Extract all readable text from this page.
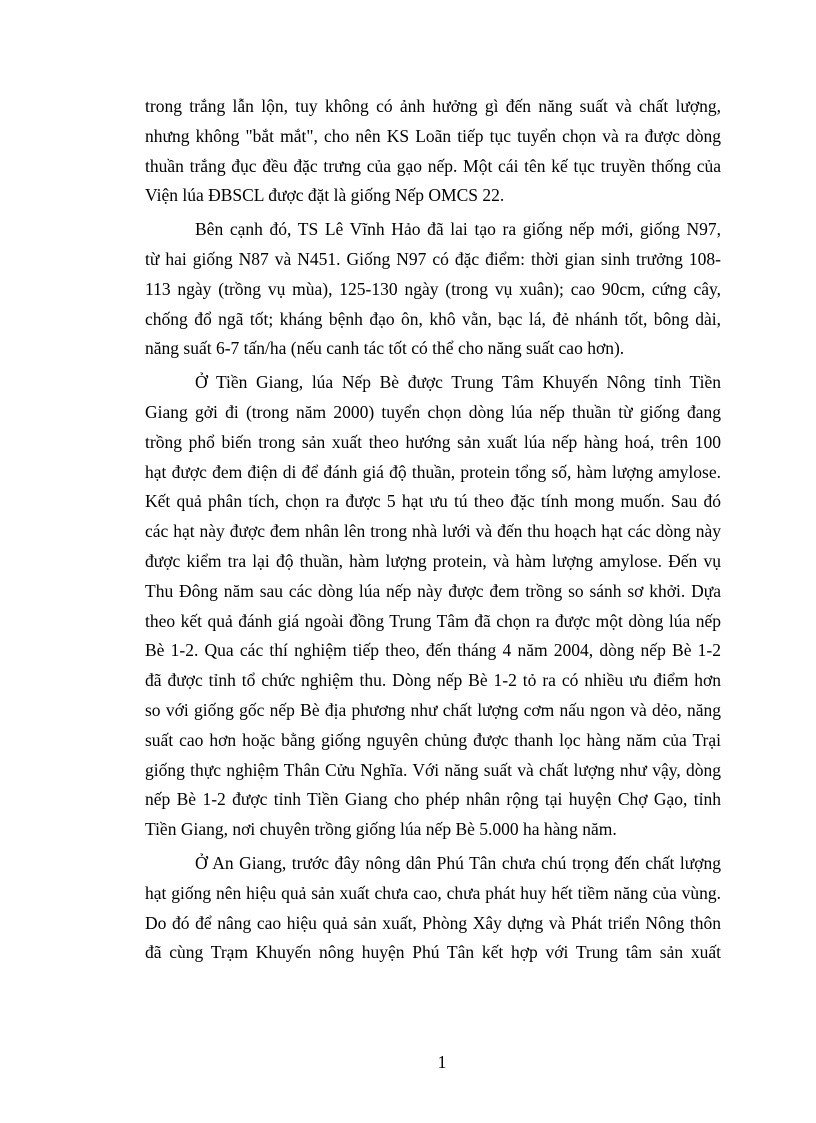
trong trắng lẫn lộn, tuy không có ảnh hưởng gì đến năng suất và chất lượng,
nhưng không "bắt mắt", cho nên KS Loãn tiếp tục tuyển chọn và ra được dòng
thuần trắng đục đều đặc trưng của gạo nếp. Một cái tên kế tục truyền thống của
Viện lúa ĐBSCL được đặt là giống Nếp OMCS 22.
Bên cạnh đó, TS Lê Vĩnh Hảo đã lai tạo ra giống nếp mới, giống N97,
từ hai giống N87 và N451. Giống N97 có đặc điểm: thời gian sinh trưởng 108-
113 ngày (trồng vụ mùa), 125-130 ngày (trong vụ xuân); cao 90cm, cứng cây,
chống đổ ngã tốt; kháng bệnh đạo ôn, khô vằn, bạc lá, đẻ nhánh tốt, bông dài,
năng suất 6-7 tấn/ha (nếu canh tác tốt có thể cho năng suất cao hơn).
Ở Tiền Giang, lúa Nếp Bè được Trung Tâm Khuyến Nông tỉnh Tiền
Giang gởi đi (trong năm 2000) tuyển chọn dòng lúa nếp thuần từ giống đang
trồng phổ biến trong sản xuất theo hướng sản xuất lúa nếp hàng hoá, trên 100
hạt được đem điện di để đánh giá độ thuần, protein tổng số, hàm lượng amylose.
Kết quả phân tích, chọn ra được 5 hạt ưu tú theo đặc tính mong muốn. Sau đó
các hạt này được đem nhân lên trong nhà lưới và đến thu hoạch hạt các dòng này
được kiểm tra lại độ thuần, hàm lượng protein, và hàm lượng amylose. Đến vụ
Thu Đông năm sau các dòng lúa nếp này được đem trồng so sánh sơ khởi. Dựa
theo kết quả đánh giá ngoài đồng Trung Tâm đã chọn ra được một dòng lúa nếp
Bè 1-2. Qua các thí nghiệm tiếp theo, đến tháng 4 năm 2004, dòng nếp Bè 1-2
đã được tỉnh tổ chức nghiệm thu. Dòng nếp Bè 1-2 tỏ ra có nhiều ưu điểm hơn
so với giống gốc nếp Bè địa phương như chất lượng cơm nấu ngon và dẻo, năng
suất cao hơn hoặc bằng giống nguyên chủng được thanh lọc hàng năm của Trại
giống thực nghiệm Thân Cửu Nghĩa. Với năng suất và chất lượng như vậy, dòng
nếp Bè 1-2 được tỉnh Tiền Giang cho phép nhân rộng tại huyện Chợ Gạo, tỉnh
Tiền Giang, nơi chuyên trồng giống lúa nếp Bè 5.000 ha hàng năm.
Ở An Giang, trước đây nông dân Phú Tân chưa chú trọng đến chất lượng
hạt giống nên hiệu quả sản xuất chưa cao, chưa phát huy hết tiềm năng của vùng.
Do đó để nâng cao hiệu quả sản xuất, Phòng Xây dựng và Phát triển Nông thôn
đã cùng Trạm Khuyến nông huyện Phú Tân kết hợp với Trung tâm sản xuất
1
